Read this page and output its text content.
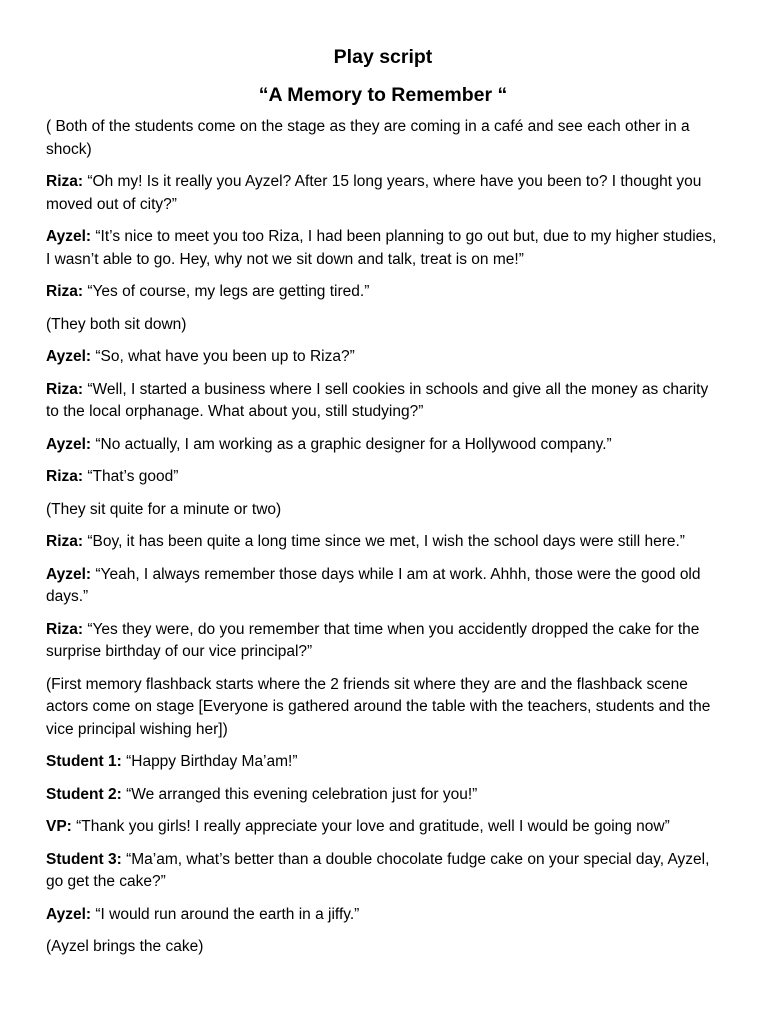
Play script
“A Memory to Remember “

( Both of the students come on the stage as they are coming in a café and see each other in a shock)

Riza: “Oh my! Is it really you Ayzel? After 15 long years, where have you been to? I thought you moved out of city?”

Ayzel: “It’s nice to meet you too Riza, I had been planning to go out but, due to my higher studies, I wasn’t able to go. Hey, why not we sit down and talk, treat is on me!”

Riza: “Yes of course, my legs are getting tired.”

(They both sit down)

Ayzel: “So, what have you been up to Riza?”

Riza: “Well, I started a business where I sell cookies in schools and give all the money as charity to the local orphanage. What about you, still studying?”

Ayzel: “No actually, I am working as a graphic designer for a Hollywood company.”

Riza: “That’s good”

(They sit quite for a minute or two)

Riza: “Boy, it has been quite a long time since we met, I wish the school days were still here.”

Ayzel: “Yeah, I always remember those days while I am at work. Ahhh, those were the good old days.”

Riza: “Yes they were, do you remember that time when you accidently dropped the cake for the surprise birthday of our vice principal?”

(First memory flashback starts where the 2 friends sit where they are and the flashback scene actors come on stage [Everyone is gathered around the table with the teachers, students and the vice principal wishing her])

Student 1: “Happy Birthday Ma’am!”

Student 2: “We arranged this evening celebration just for you!”

VP: “Thank you girls! I really appreciate your love and gratitude, well I would be going now”

Student 3: “Ma’am, what’s better than a double chocolate fudge cake on your special day, Ayzel, go get the cake?”

Ayzel: “I would run around the earth in a jiffy.”

(Ayzel brings the cake)
